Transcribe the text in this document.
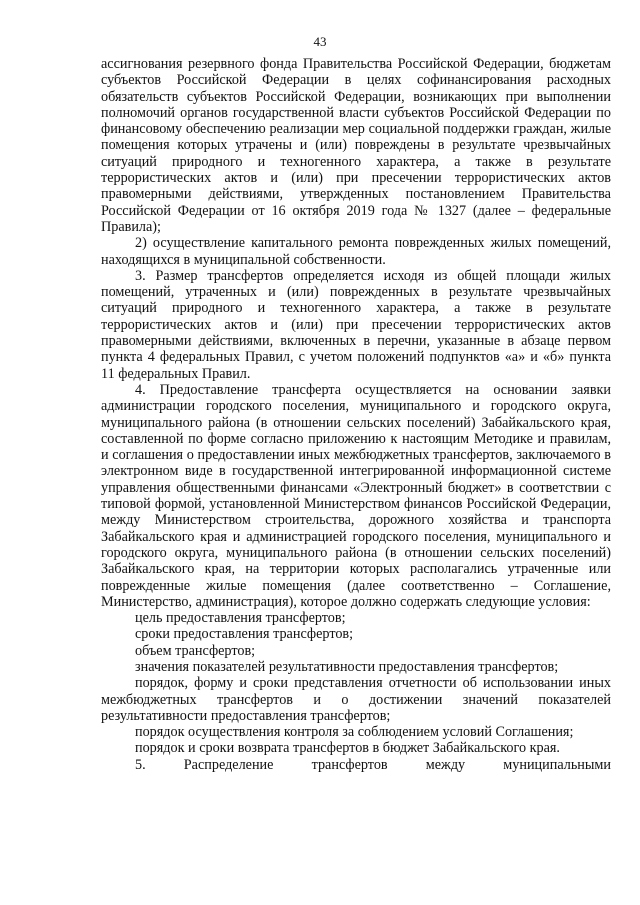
43

ассигнования резервного фонда Правительства Российской Федерации, бюджетам субъектов Российской Федерации в целях софинансирования расходных обязательств субъектов Российской Федерации, возникающих при выполнении полномочий органов государственной власти субъектов Российской Федерации по финансовому обеспечению реализации мер социальной поддержки граждан, жилые помещения которых утрачены и (или) повреждены в результате чрезвычайных ситуаций природного и техногенного характера, а также в результате террористических актов и (или) при пресечении террористических актов правомерными действиями, утвержденных постановлением Правительства Российской Федерации от 16 октября 2019 года № 1327 (далее – федеральные Правила);

2) осуществление капитального ремонта поврежденных жилых помещений, находящихся в муниципальной собственности.

3. Размер трансфертов определяется исходя из общей площади жилых помещений, утраченных и (или) поврежденных в результате чрезвычайных ситуаций природного и техногенного характера, а также в результате террористических актов и (или) при пресечении террористических актов правомерными действиями, включенных в перечни, указанные в абзаце первом пункта 4 федеральных Правил, с учетом положений подпунктов «а» и «б» пункта 11 федеральных Правил.

4. Предоставление трансферта осуществляется на основании заявки администрации городского поселения, муниципального и городского округа, муниципального района (в отношении сельских поселений) Забайкальского края, составленной по форме согласно приложению к настоящим Методике и правилам, и соглашения о предоставлении иных межбюджетных трансфертов, заключаемого в электронном виде в государственной интегрированной информационной системе управления общественными финансами «Электронный бюджет» в соответствии с типовой формой, установленной Министерством финансов Российской Федерации, между Министерством строительства, дорожного хозяйства и транспорта Забайкальского края и администрацией городского поселения, муниципального и городского округа, муниципального района (в отношении сельских поселений) Забайкальского края, на территории которых располагались утраченные или поврежденные жилые помещения (далее соответственно – Соглашение, Министерство, администрация), которое должно содержать следующие условия:

цель предоставления трансфертов;

сроки предоставления трансфертов;

объем трансфертов;

значения показателей результативности предоставления трансфертов;

порядок, форму и сроки представления отчетности об использовании иных межбюджетных трансфертов и о достижении значений показателей результативности предоставления трансфертов;

порядок осуществления контроля за соблюдением условий Соглашения;

порядок и сроки возврата трансфертов в бюджет Забайкальского края.

5. Распределение трансфертов между муниципальными
